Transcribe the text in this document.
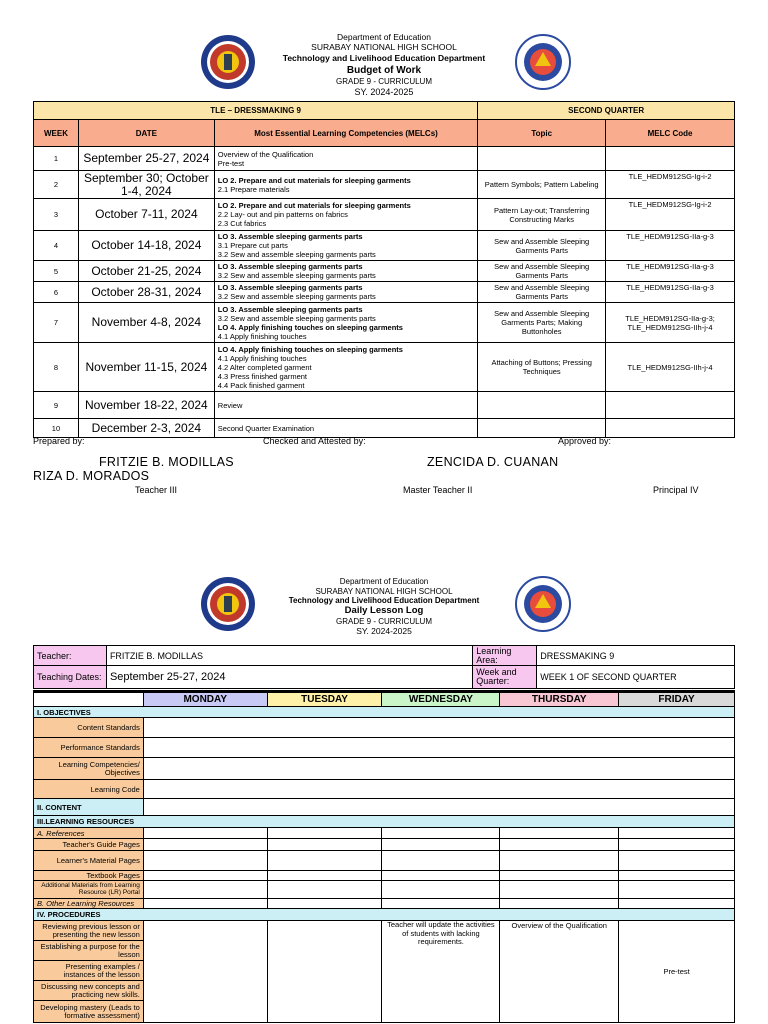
Department of Education
SURABAY NATIONAL HIGH SCHOOL
Technology and Livelihood Education Department
Budget of Work
GRADE 9 - CURRICULUM
SY. 2024-2025
TLE – DRESSMAKING 9			SECOND QUARTER	
WEEK	DATE	Most Essential Learning Competencies (MELCs)	Topic	MELC Code
1	September 25-27, 2024	Overview of the Qualification
Pre-test		

2	September 30; October 1-4, 2024	LO 2. Prepare and cut materials for sleeping garments
2.1 Prepare materials	Pattern Symbols; Pattern Labeling	TLE_HEDM912SG-Ig-i-2
3	October 7-11, 2024	LO 2. Prepare and cut materials for sleeping garments
2.2 Lay- out and pin patterns on fabrics
2.3 Cut fabrics	Pattern Lay-out; Transferring Constructing Marks	TLE_HEDM912SG-Ig-i-2
4	October 14-18, 2024	LO 3. Assemble sleeping garments parts
3.1 Prepare cut parts
3.2 Sew and assemble sleeping garments parts	Sew and Assemble Sleeping Garments Parts	TLE_HEDM912SG-IIa-g-3
5	October 21-25, 2024	LO 3. Assemble sleeping garments parts
3.2 Sew and assemble sleeping garments parts	Sew and Assemble Sleeping Garments Parts	TLE_HEDM912SG-IIa-g-3
6	October 28-31, 2024	LO 3. Assemble sleeping garments parts
3.2 Sew and assemble sleeping garments parts	Sew and Assemble Sleeping Garments Parts	TLE_HEDM912SG-IIa-g-3
7	November 4-8, 2024	LO 3. Assemble sleeping garments parts
3.2 Sew and assemble sleeping garments parts
LO 4. Apply finishing touches on sleeping garments
4.1 Apply finishing touches	Sew and Assemble Sleeping Garments Parts; Making Buttonholes	TLE_HEDM912SG-IIa-g-3; TLE_HEDM912SG-IIh-j-4
8	November 11-15, 2024	LO 4. Apply finishing touches on sleeping garments
4.1 Apply finishing touches
4.2 Alter completed garment
4.3 Press finished garment
4.4 Pack finished garment	Attaching of Buttons; Pressing Techniques	TLE_HEDM912SG-IIh-j-4
9	November 18-22, 2024	Review		

10	December 2-3, 2024	Second Quarter Examination		

Prepared by:	Checked and Attested by:	Approved by:
FRITZIE B. MODILLAS	ZENCIDA D. CUANAN
RIZA D. MORADOS
Teacher III	Master Teacher II	Principal IV
Department of Education
SURABAY NATIONAL HIGH SCHOOL
Technology and Livelihood Education Department
Daily Lesson Log
GRADE 9 - CURRICULUM
SY. 2024-2025
Teacher:	FRITZIE B. MODILLAS	Learning Area:	DRESSMAKING 9
Teaching Dates:	September 25-27, 2024	Week and Quarter:	WEEK 1 OF SECOND QUARTER
	MONDAY	TUESDAY	WEDNESDAY	THURSDAY	FRIDAY
I. OBJECTIVES					
Content Standards					
Performance Standards					
Learning Competencies/ Objectives					
Learning Code					
II. CONTENT					
III.LEARNING RESOURCES					
A. References					
Teacher's Guide Pages					
Learner's Material Pages					
Textbook Pages					
Additional Materials from Learning Resource (LR) Portal					
B. Other Learning Resources					
IV. PROCEDURES					
Reviewing previous lesson or presenting the new lesson			Teacher will update the activities of students with lacking requirements.	Overview of the Qualification	Pre-test
Establishing a purpose for the lesson					
Presenting examples / instances of the lesson					
Discussing new concepts and practicing new skills.					
Developing mastery (Leads to formative assessment)					
